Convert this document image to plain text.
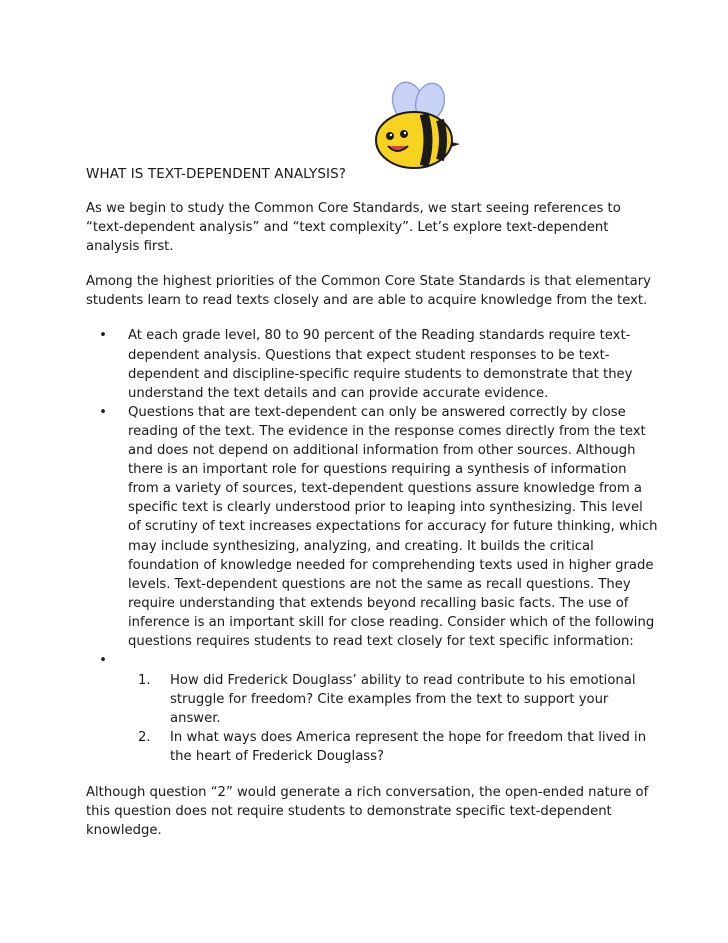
WHAT IS TEXT-DEPENDENT ANALYSIS?

As we begin to study the Common Core Standards, we start seeing references to “text-dependent analysis” and “text complexity”. Let’s explore text-dependent analysis first.

Among the highest priorities of the Common Core State Standards is that elementary students learn to read texts closely and are able to acquire knowledge from the text.

• At each grade level, 80 to 90 percent of the Reading standards require text-dependent analysis. Questions that expect student responses to be text-dependent and discipline-specific require students to demonstrate that they understand the text details and can provide accurate evidence.
• Questions that are text-dependent can only be answered correctly by close reading of the text. The evidence in the response comes directly from the text and does not depend on additional information from other sources. Although there is an important role for questions requiring a synthesis of information from a variety of sources, text-dependent questions assure knowledge from a specific text is clearly understood prior to leaping into synthesizing. This level of scrutiny of text increases expectations for accuracy for future thinking, which may include synthesizing, analyzing, and creating. It builds the critical foundation of knowledge needed for comprehending texts used in higher grade levels. Text-dependent questions are not the same as recall questions. They require understanding that extends beyond recalling basic facts. The use of inference is an important skill for close reading. Consider which of the following questions requires students to read text closely for text specific information:
•
1.	How did Frederick Douglass’ ability to read contribute to his emotional struggle for freedom? Cite examples from the text to support your answer.
2.	In what ways does America represent the hope for freedom that lived in the heart of Frederick Douglass?

Although question “2” would generate a rich conversation, the open-ended nature of this question does not require students to demonstrate specific text-dependent knowledge.
